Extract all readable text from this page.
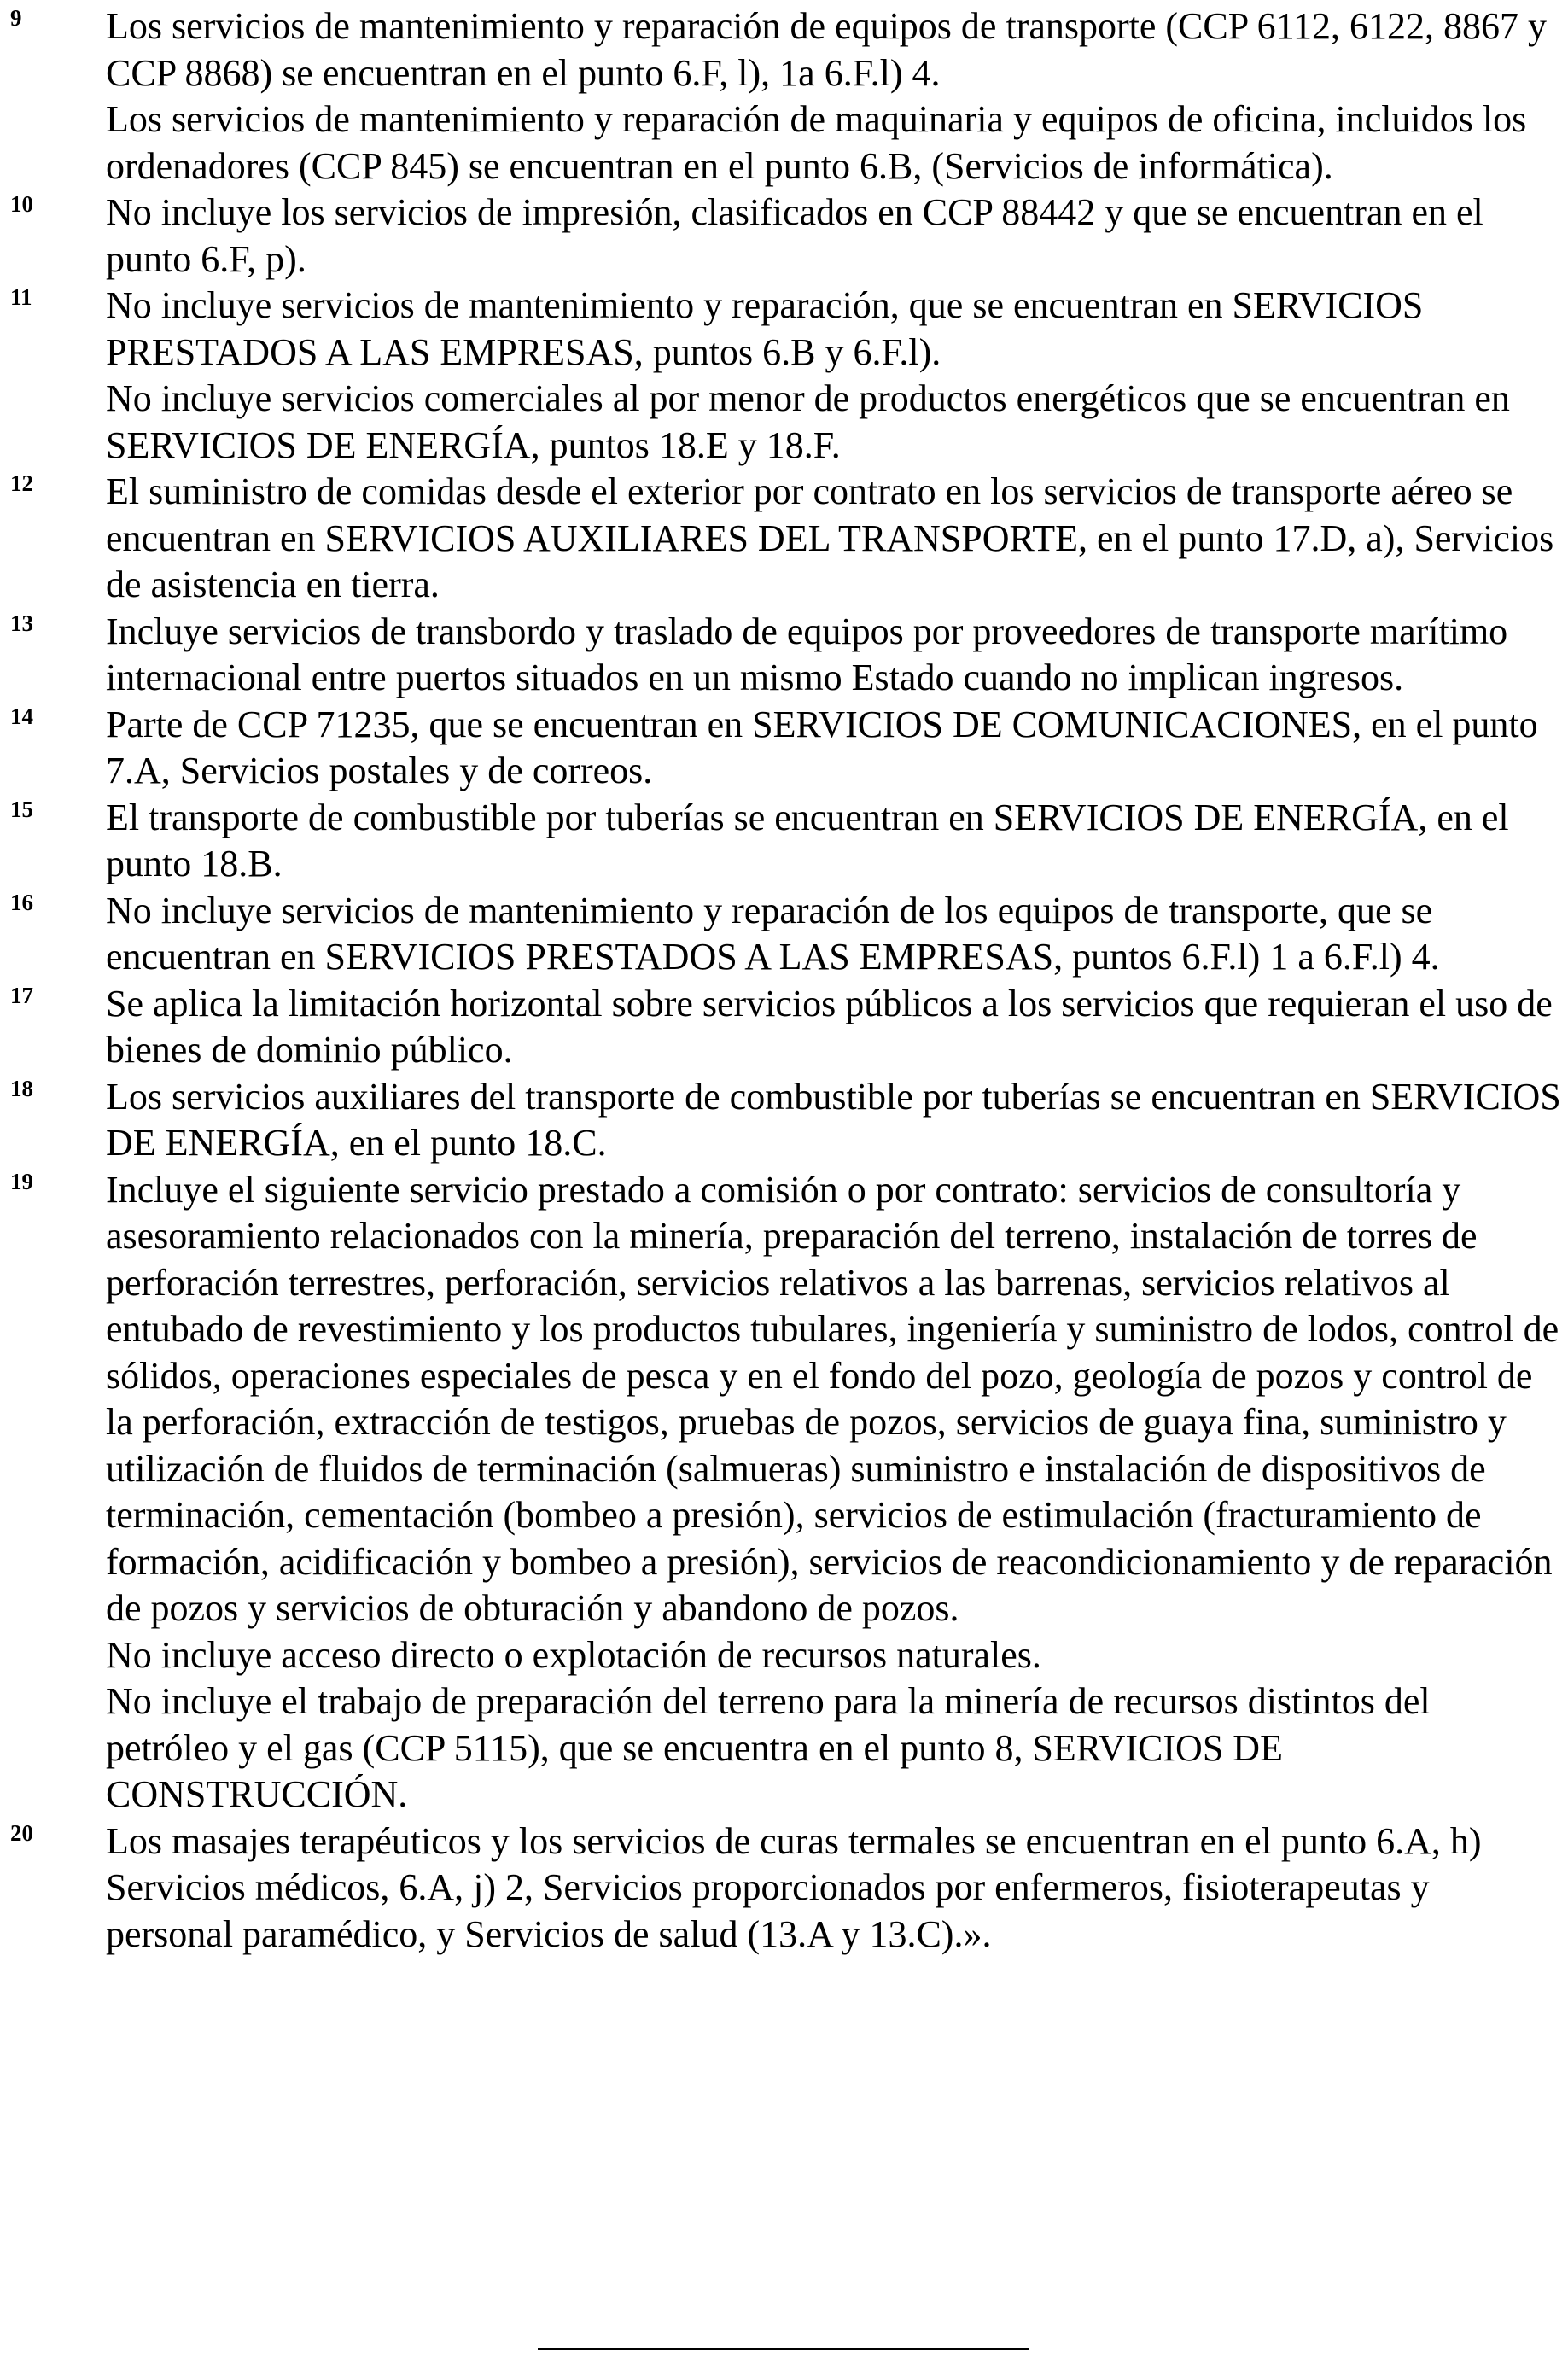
9 Los servicios de mantenimiento y reparación de equipos de transporte (CCP 6112, 6122, 8867 y CCP 8868) se encuentran en el punto 6.F, l), 1a 6.F.l) 4.

Los servicios de mantenimiento y reparación de maquinaria y equipos de oficina, incluidos los ordenadores (CCP 845) se encuentran en el punto 6.B, (Servicios de informática).

10 No incluye los servicios de impresión, clasificados en CCP 88442 y que se encuentran en el punto 6.F, p).

11 No incluye servicios de mantenimiento y reparación, que se encuentran en SERVICIOS PRESTADOS A LAS EMPRESAS, puntos 6.B y 6.F.l).

No incluye servicios comerciales al por menor de productos energéticos que se encuentran en SERVICIOS DE ENERGÍA, puntos 18.E y 18.F.

12 El suministro de comidas desde el exterior por contrato en los servicios de transporte aéreo se encuentran en SERVICIOS AUXILIARES DEL TRANSPORTE, en el punto 17.D, a), Servicios de asistencia en tierra.

13 Incluye servicios de transbordo y traslado de equipos por proveedores de transporte marítimo internacional entre puertos situados en un mismo Estado cuando no implican ingresos.

14 Parte de CCP 71235, que se encuentran en SERVICIOS DE COMUNICACIONES, en el punto 7.A, Servicios postales y de correos.

15 El transporte de combustible por tuberías se encuentran en SERVICIOS DE ENERGÍA, en el punto 18.B.

16 No incluye servicios de mantenimiento y reparación de los equipos de transporte, que se encuentran en SERVICIOS PRESTADOS A LAS EMPRESAS, puntos 6.F.l) 1 a 6.F.l) 4.

17 Se aplica la limitación horizontal sobre servicios públicos a los servicios que requieran el uso de bienes de dominio público.

18 Los servicios auxiliares del transporte de combustible por tuberías se encuentran en SERVICIOS DE ENERGÍA, en el punto 18.C.

19 Incluye el siguiente servicio prestado a comisión o por contrato: servicios de consultoría y asesoramiento relacionados con la minería, preparación del terreno, instalación de torres de perforación terrestres, perforación, servicios relativos a las barrenas, servicios relativos al entubado de revestimiento y los productos tubulares, ingeniería y suministro de lodos, control de sólidos, operaciones especiales de pesca y en el fondo del pozo, geología de pozos y control de la perforación, extracción de testigos, pruebas de pozos, servicios de guaya fina, suministro y utilización de fluidos de terminación (salmueras) suministro e instalación de dispositivos de terminación, cementación (bombeo a presión), servicios de estimulación (fracturamiento de formación, acidificación y bombeo a presión), servicios de reacondicionamiento y de reparación de pozos y servicios de obturación y abandono de pozos.

No incluye acceso directo o explotación de recursos naturales.

No incluye el trabajo de preparación del terreno para la minería de recursos distintos del petróleo y el gas (CCP 5115), que se encuentra en el punto 8, SERVICIOS DE CONSTRUCCIÓN.

20 Los masajes terapéuticos y los servicios de curas termales se encuentran en el punto 6.A, h) Servicios médicos, 6.A, j) 2, Servicios proporcionados por enfermeros, fisioterapeutas y personal paramédico, y Servicios de salud (13.A y 13.C).».
